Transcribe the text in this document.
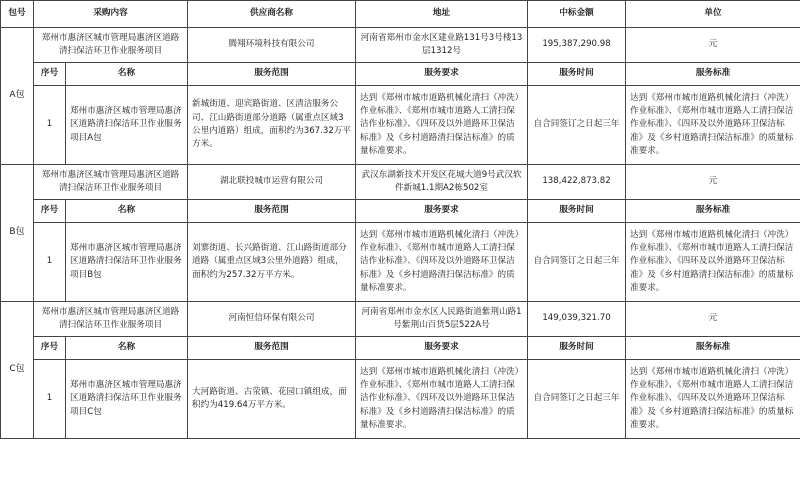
包号	采购内容		供应商名称	地址	中标金额	单位
A包	郑州市惠济区城市管理局惠济区道路清扫保洁环卫作业服务项目		腾翔环境科技有限公司	河南省郑州市金水区建业路131号3号楼13层1312号	195,387,290.98	元
	序号	名称	服务范围	服务要求	服务时间	服务标准
	1	郑州市惠济区城市管理局惠济区道路清扫保洁环卫作业服务项目A包	新城街道、迎宾路街道、区清洁服务公司、江山路街道部分道路（属重点区域3公里内道路）组成，面积约为367.32万平方米。	达到《郑州市城市道路机械化清扫（冲洗）作业标准》、《郑州市城市道路人工清扫保洁作业标准》、《四环及以外道路环卫保洁标准》及《乡村道路清扫保洁标准》的质量标准要求。	自合同签订之日起三年	达到《郑州市城市道路机械化清扫（冲洗）作业标准》、《郑州市城市道路人工清扫保洁作业标准》、《四环及以外道路环卫保洁标准》及《乡村道路清扫保洁标准》的质量标准要求。
B包	郑州市惠济区城市管理局惠济区道路清扫保洁环卫作业服务项目		湖北联投城市运营有限公司	武汉东湖新技术开发区花城大道9号武汉软件新城1.1期A2栋502室	138,422,873.82	元
	序号	名称	服务范围	服务要求	服务时间	服务标准
	1	郑州市惠济区城市管理局惠济区道路清扫保洁环卫作业服务项目B包	刘寨街道、长兴路街道、江山路街道部分道路（属重点区域3公里外道路）组成，面积约为257.32万平方米。	达到《郑州市城市道路机械化清扫（冲洗）作业标准》、《郑州市城市道路人工清扫保洁作业标准》、《四环及以外道路环卫保洁标准》及《乡村道路清扫保洁标准》的质量标准要求。	自合同签订之日起三年	达到《郑州市城市道路机械化清扫（冲洗）作业标准》、《郑州市城市道路人工清扫保洁作业标准》、《四环及以外道路环卫保洁标准》及《乡村道路清扫保洁标准》的质量标准要求。
C包	郑州市惠济区城市管理局惠济区道路清扫保洁环卫作业服务项目		河南恒信环保有限公司	河南省郑州市金水区人民路街道紫荆山路1号紫荆山百货5层522A号	149,039,321.70	元
	序号	名称	服务范围	服务要求	服务时间	服务标准
	1	郑州市惠济区城市管理局惠济区道路清扫保洁环卫作业服务项目C包	大河路街道、古荥镇、花园口镇组成，面积约为419.64万平方米。	达到《郑州市城市道路机械化清扫（冲洗）作业标准》、《郑州市城市道路人工清扫保洁作业标准》、《四环及以外道路环卫保洁标准》及《乡村道路清扫保洁标准》的质量标准要求。	自合同签订之日起三年	达到《郑州市城市道路机械化清扫（冲洗）作业标准》、《郑州市城市道路人工清扫保洁作业标准》、《四环及以外道路环卫保洁标准》及《乡村道路清扫保洁标准》的质量标准要求。
